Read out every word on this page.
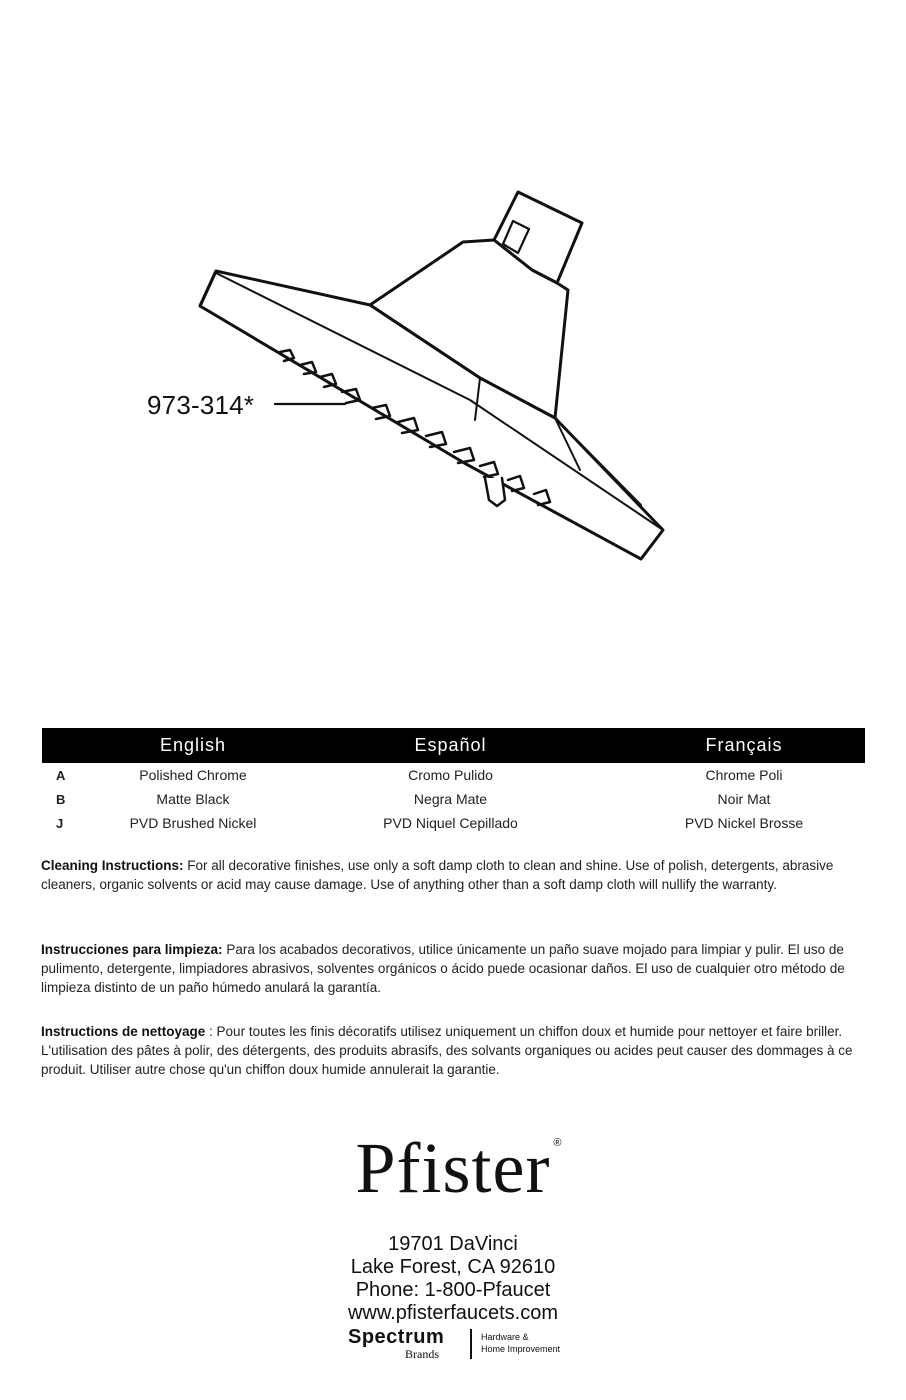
973-314*
	English	Español	Français
A	Polished Chrome	Cromo Pulido	Chrome Poli
B	Matte Black	Negra Mate	Noir Mat
J	PVD Brushed Nickel	PVD Niquel Cepillado	PVD Nickel Brosse

Cleaning Instructions: For all decorative finishes, use only a soft damp cloth to clean and shine. Use of polish, detergents, abrasive cleaners, organic solvents or acid may cause damage. Use of anything other than a soft damp cloth will nullify the warranty.

Instrucciones para limpieza: Para los acabados decorativos, utilice únicamente un paño suave mojado para limpiar y pulir. El uso de pulimento, detergente, limpiadores abrasivos, solventes orgánicos o ácido puede ocasionar daños. El uso de cualquier otro método de limpieza distinto de un paño húmedo anulará la garantía.

Instructions de nettoyage : Pour toutes les finis décoratifs utilisez uniquement un chiffon doux et humide pour nettoyer et faire briller. L'utilisation des pâtes à polir, des détergents, des produits abrasifs, des solvants organiques ou acides peut causer des dommages à ce produit. Utiliser autre chose qu'un chiffon doux humide annulerait la garantie.

Pfister ®
19701 DaVinci
Lake Forest, CA 92610
Phone: 1-800-Pfaucet
www.pfisterfaucets.com
Spectrum
Brands
Hardware &
Home Improvement
